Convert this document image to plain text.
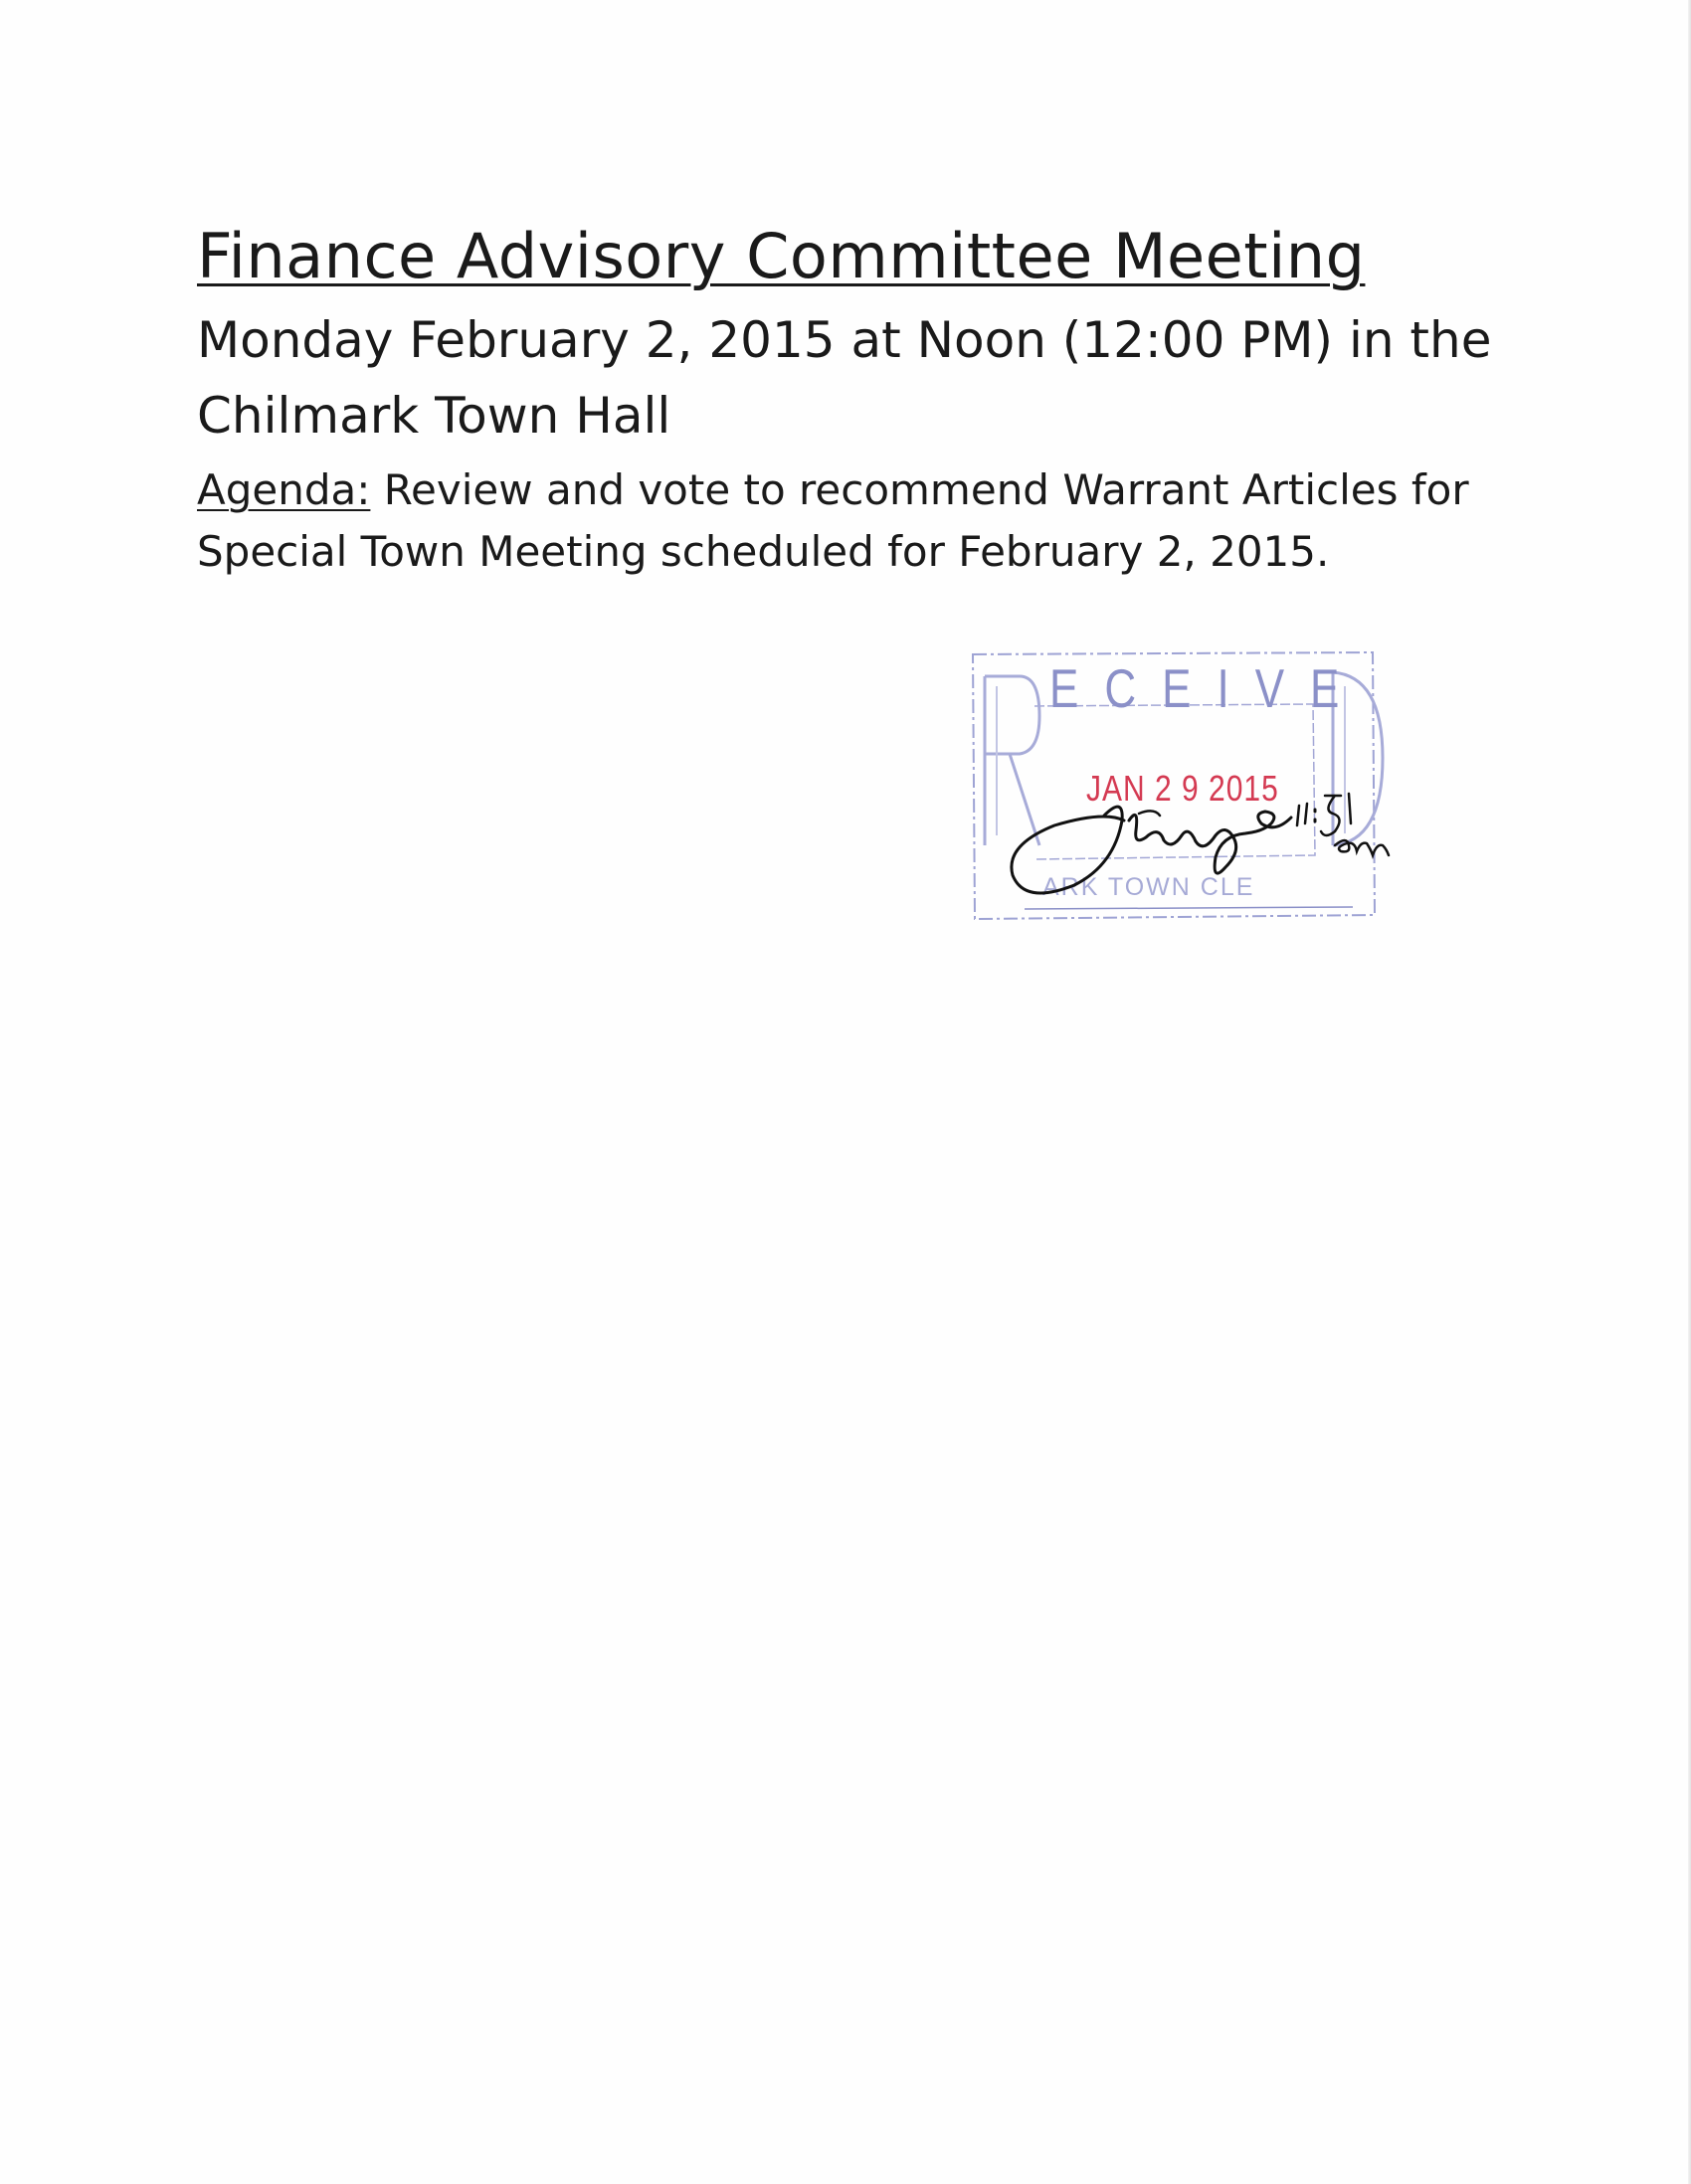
Finance Advisory Committee Meeting

Monday February 2, 2015 at Noon (12:00 PM) in the Chilmark Town Hall

Agenda: Review and vote to recommend Warrant Articles for Special Town Meeting scheduled for February 2, 2015.

ECEIVE
JAN 2 9 2015
ARK TOWN CLE
